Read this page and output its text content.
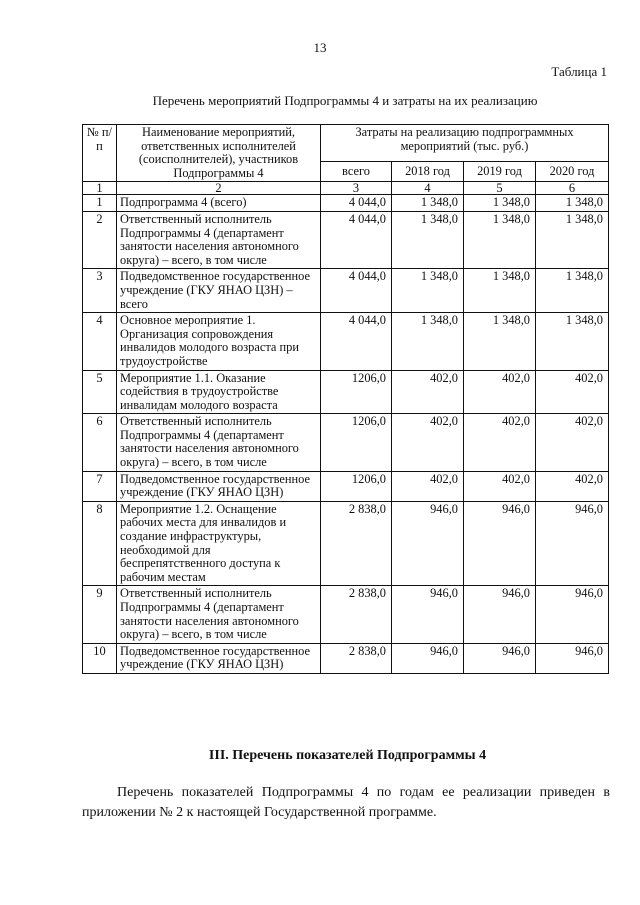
13
Таблица 1
Перечень мероприятий Подпрограммы 4 и затраты на их реализацию
№ п/п	Наименование мероприятий, ответственных исполнителей (соисполнителей), участников Подпрограммы 4	Затраты на реализацию подпрограммных мероприятий (тыс. руб.)			
		всего	2018 год	2019 год	2020 год
1	2	3	4	5	6
1	Подпрограмма 4 (всего)	4 044,0	1 348,0	1 348,0	1 348,0
2	Ответственный исполнитель Подпрограммы 4 (департамент занятости населения автономного округа) – всего, в том числе	4 044,0	1 348,0	1 348,0	1 348,0
3	Подведомственное государственное учреждение (ГКУ ЯНАО ЦЗН) – всего	4 044,0	1 348,0	1 348,0	1 348,0
4	Основное мероприятие 1. Организация сопровождения инвалидов молодого возраста при трудоустройстве	4 044,0	1 348,0	1 348,0	1 348,0
5	Мероприятие 1.1. Оказание содействия в трудоустройстве инвалидам молодого возраста	1206,0	402,0	402,0	402,0
6	Ответственный исполнитель Подпрограммы 4 (департамент занятости населения автономного округа) – всего, в том числе	1206,0	402,0	402,0	402,0
7	Подведомственное государственное учреждение (ГКУ ЯНАО ЦЗН)	1206,0	402,0	402,0	402,0
8	Мероприятие 1.2. Оснащение рабочих места для инвалидов и создание инфраструктуры, необходимой для беспрепятственного доступа к рабочим местам	2 838,0	946,0	946,0	946,0
9	Ответственный исполнитель Подпрограммы 4 (департамент занятости населения автономного округа) – всего, в том числе	2 838,0	946,0	946,0	946,0
10	Подведомственное государственное учреждение (ГКУ ЯНАО ЦЗН)	2 838,0	946,0	946,0	946,0
III. Перечень показателей Подпрограммы 4
Перечень показателей Подпрограммы 4 по годам ее реализации приведен в приложении № 2 к настоящей Государственной программе.
